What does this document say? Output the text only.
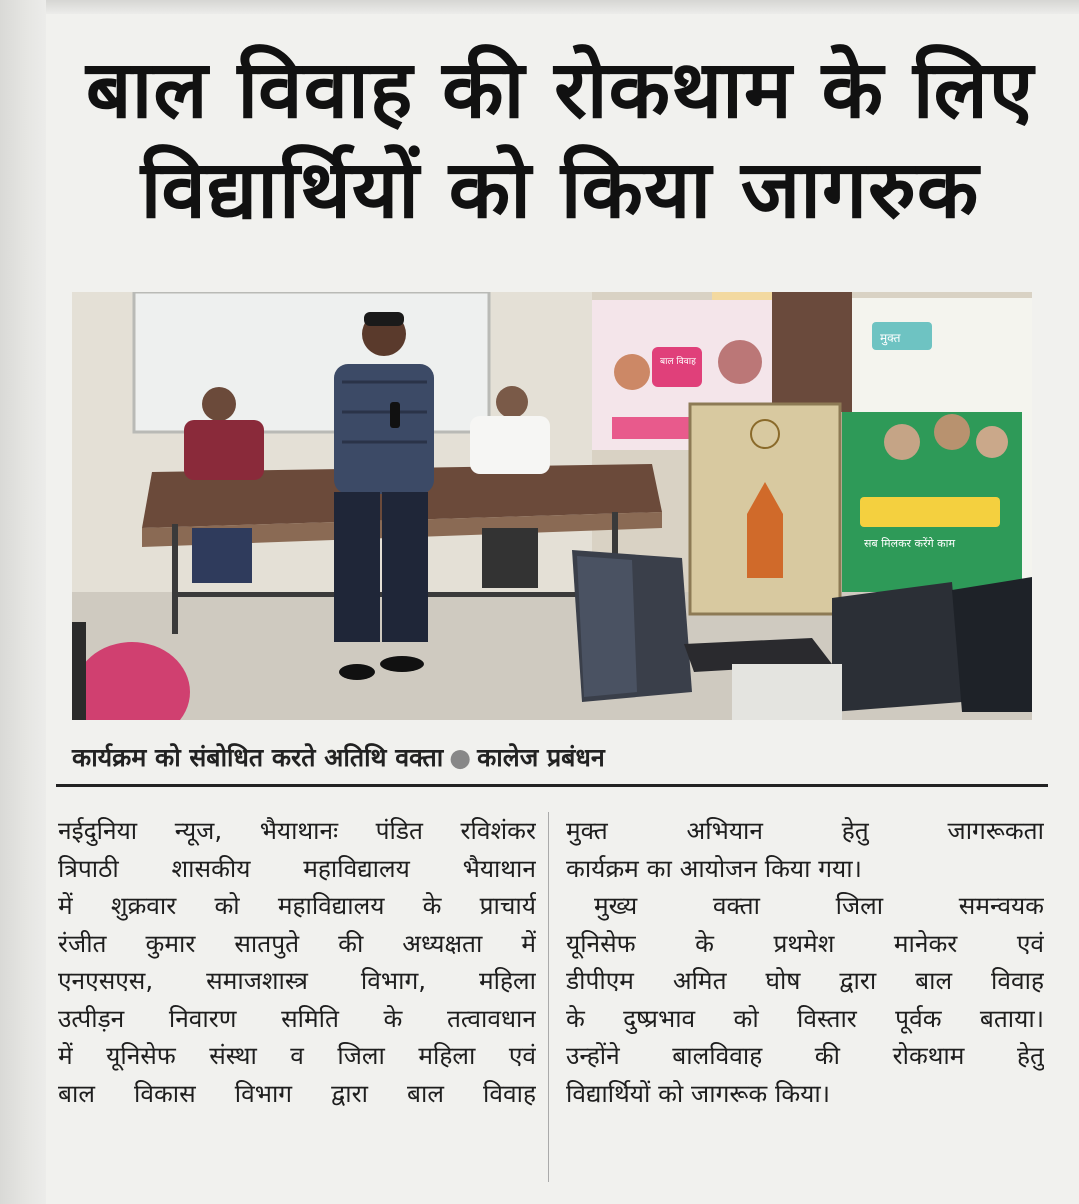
बाल विवाह की रोकथाम के लिए
विद्यार्थियों को किया जागरुक
बाल विवाह
मुक्त
सब मिलकर करेंगे काम
कार्यक्रम को संबोधित करते अतिथि वक्ता ● कालेज प्रबंधन
नईदुनिया न्यूज, भैयाथानः पंडित रविशंकर
त्रिपाठी शासकीय महाविद्यालय भैयाथान
में शुक्रवार को महाविद्यालय के प्राचार्य
रंजीत कुमार सातपुते की अध्यक्षता में
एनएसएस, समाजशास्त्र विभाग, महिला
उत्पीड़न निवारण समिति के तत्वावधान
में यूनिसेफ संस्था व जिला महिला एवं
बाल विकास विभाग द्वारा बाल विवाह
मुक्त अभियान हेतु जागरूकता
कार्यक्रम का आयोजन किया गया।
मुख्य वक्ता जिला समन्वयक
यूनिसेफ के प्रथमेश मानेकर एवं
डीपीएम अमित घोष द्वारा बाल विवाह
के दुष्प्रभाव को विस्तार पूर्वक बताया।
उन्होंने बालविवाह की रोकथाम हेतु
विद्यार्थियों को जागरूक किया।
